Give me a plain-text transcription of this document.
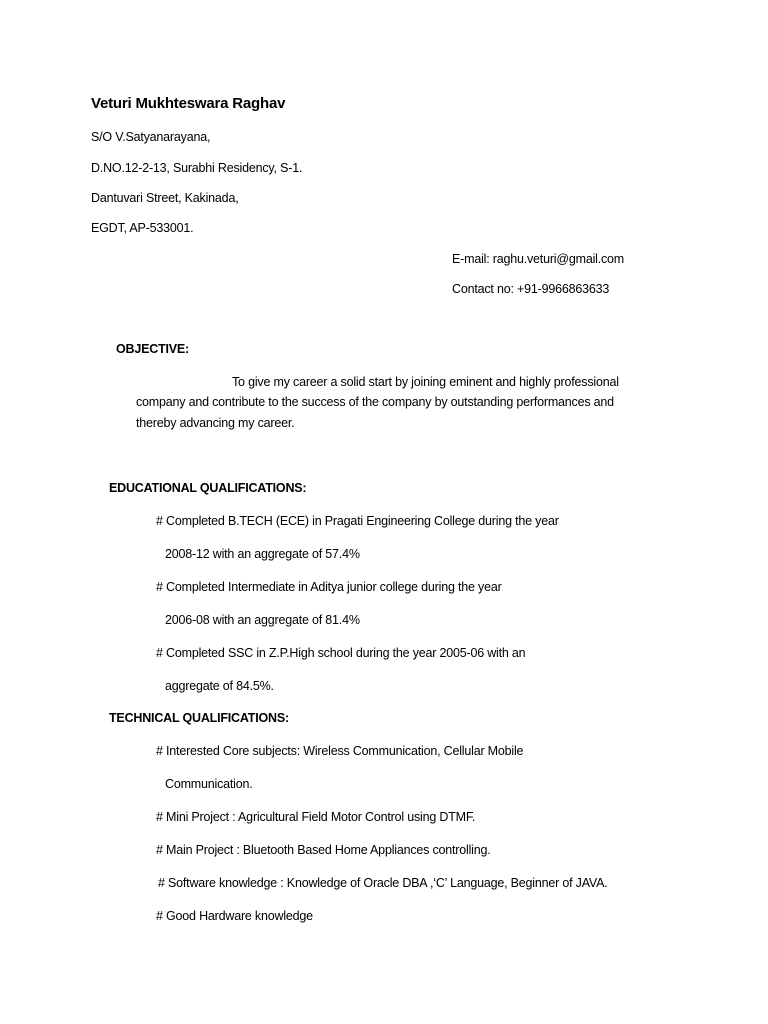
Veturi Mukhteswara Raghav
S/O V.Satyanarayana,
D.NO.12-2-13, Surabhi Residency, S-1.
Dantuvari Street, Kakinada,
EGDT, AP-533001.
E-mail: raghu.veturi@gmail.com
Contact no: +91-9966863633
OBJECTIVE:
To give my career a solid start by joining eminent and highly professional
company and contribute to the success of the company by outstanding performances and
thereby advancing my career.
EDUCATIONAL QUALIFICATIONS:
# Completed B.TECH (ECE) in Pragati Engineering College during the year
2008-12 with an aggregate of 57.4%
# Completed Intermediate in Aditya junior college during the year
2006-08 with an aggregate of 81.4%
# Completed SSC in Z.P.High school during the year 2005-06 with an
aggregate of 84.5%.
TECHNICAL QUALIFICATIONS:
# Interested Core subjects: Wireless Communication, Cellular Mobile
Communication.
# Mini Project : Agricultural Field Motor Control using DTMF.
# Main Project : Bluetooth Based Home Appliances controlling.
# Software knowledge : Knowledge of Oracle DBA ,‘C’ Language, Beginner of JAVA.
# Good Hardware knowledge
